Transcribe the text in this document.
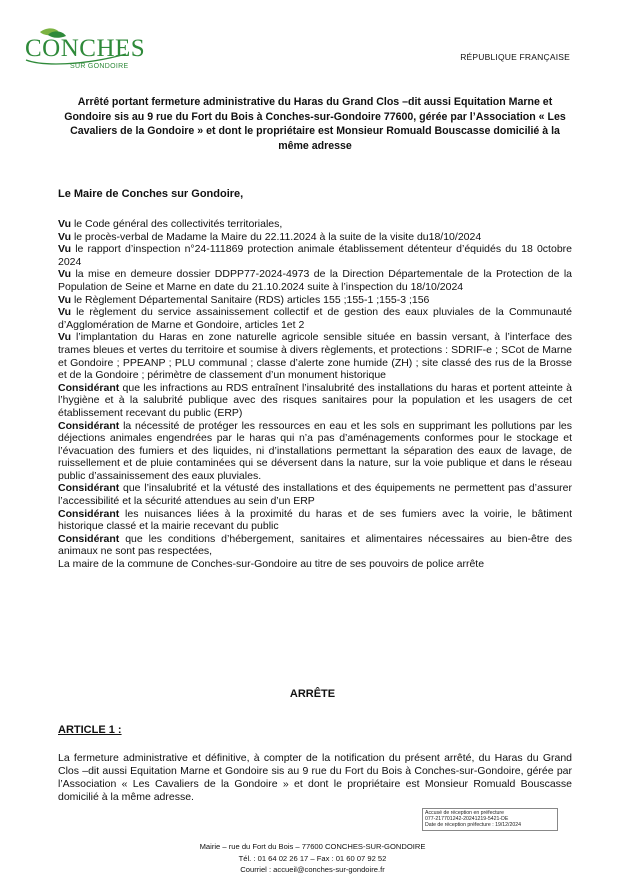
CONCHES
SUR GONDOIRE
RÉPUBLIQUE FRANÇAISE
Arrêté portant fermeture administrative du Haras du Grand Clos –dit aussi Equitation Marne et Gondoire sis au 9 rue du Fort du Bois à Conches-sur-Gondoire 77600, gérée par l’Association « Les Cavaliers de la Gondoire » et dont le propriétaire est Monsieur Romuald Bouscasse domicilié à la même adresse
Le Maire de Conches sur Gondoire,

Vu le Code général des collectivités territoriales,

Vu le procès-verbal de Madame la Maire du 22.11.2024 à la suite de la visite du18/10/2024

Vu le rapport d’inspection n°24-111869 protection animale établissement détenteur d’équidés du 18 0ctobre 2024

Vu la mise en demeure dossier DDPP77-2024-4973 de la Direction Départementale de la Protection de la Population de Seine et Marne en date du 21.10.2024 suite à l’inspection du 18/10/2024

Vu le Règlement Départemental Sanitaire (RDS) articles 155 ;155-1 ;155-3 ;156

Vu le règlement du service assainissement collectif et de gestion des eaux pluviales de la Communauté d’Agglomération de Marne et Gondoire, articles 1et 2

Vu l’implantation du Haras en zone naturelle agricole sensible située en bassin versant, à l’interface des trames bleues et vertes du territoire et soumise à divers règlements, et protections : SDRIF-e ; SCot de Marne et Gondoire ; PPEANP ; PLU communal ; classe d’alerte zone humide (ZH) ; site classé des rus de la Brosse et de la Gondoire ; périmètre de classement d’un monument historique

Considérant que les infractions au RDS entraînent l’insalubrité des installations du haras et portent atteinte à l’hygiène et à la salubrité publique avec des risques sanitaires pour la population et les usagers de cet établissement recevant du public (ERP)

Considérant la nécessité de protéger les ressources en eau et les sols en supprimant les pollutions par les déjections animales engendrées par le haras qui n’a pas d’aménagements conformes pour le stockage et l’évacuation des fumiers et des liquides, ni d’installations permettant la séparation des eaux de lavage, de ruissellement et de pluie contaminées qui se déversent dans la nature, sur la voie publique et dans le réseau public d’assainissement des eaux pluviales.

Considérant que l’insalubrité et la vétusté des installations et des équipements ne permettent pas d’assurer l’accessibilité et la sécurité attendues au sein d’un ERP

Considérant les nuisances liées à la proximité du haras et de ses fumiers avec la voirie, le bâtiment historique classé et la mairie recevant du public

Considérant que les conditions d’hébergement, sanitaires et alimentaires nécessaires au bien-être des animaux ne sont pas respectées,

La maire de la commune de Conches-sur-Gondoire au titre de ses pouvoirs de police arrête

ARRÊTE
ARTICLE 1 :

La fermeture administrative et définitive, à compter de la notification du présent arrêté, du Haras du Grand Clos –dit aussi Equitation Marne et Gondoire sis au 9 rue du Fort du Bois à Conches-sur-Gondoire, gérée par l’Association « Les Cavaliers de la Gondoire » et dont le propriétaire est Monsieur Romuald Bouscasse domicilié à la même adresse.

Accusé de réception en préfecture
077-217701242-20241219-5421-DE
Date de réception préfecture : 19/12/2024
Mairie – rue du Fort du Bois – 77600 CONCHES-SUR-GONDOIRE
Tél. : 01 64 02 26 17 – Fax : 01 60 07 92 52
Courriel : accueil@conches-sur-gondoire.fr
